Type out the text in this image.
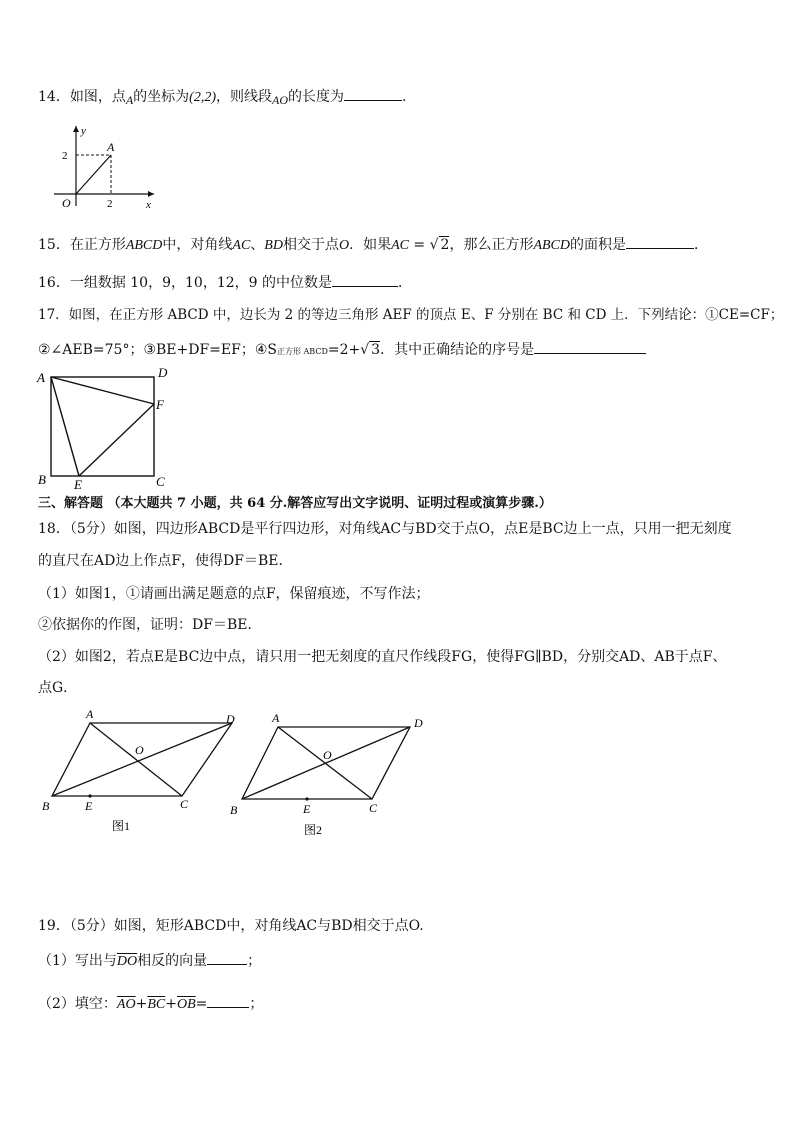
14．如图，点A的坐标为(2,2)，则线段AO的长度为	.
y
x
O
A
2
2
15．在正方形ABCD中，对角线AC、BD相交于点O．如果AC = √ 2，那么正方形ABCD的面积是	．
16．一组数据 10，9，10，12，9 的中位数是	．
17．如图，在正方形 ABCD 中，边长为 2 的等边三角形 AEF 的顶点 E、F 分别在 BC 和 CD 上．下列结论：①CE=CF；
②∠AEB=75°；③BE+DF=EF；④S正方形 ABCD=2+√ 3．其中正确结论的序号是
A	D
F
B E	C
三、解答题 （本大题共 7 小题，共 64 分.解答应写出文字说明、证明过程或演算步骤.）
18．（5分）如图，四边形ABCD是平行四边形，对角线AC与BD交于点O，点E是BC边上一点，只用一把无刻度
的直尺在AD边上作点F，使得DF＝BE．
（1）如图1，①请画出满足题意的点F，保留痕迹，不写作法；
②依据你的作图，证明：DF＝BE．
（2）如图2，若点E是BC边中点，请只用一把无刻度的直尺作线段FG，使得FG∥BD，分别交AD、AB于点F、
点G．
A	D
O
B	E	C
图1
A	D
O
B	E	C
图2
19．（5分）如图，矩形ABCD中，对角线AC与BD相交于点O.
（1）写出与$\overline{DO}$相反的向量	；
（2）填空：$\overline{AO}+\overline{BC}+\overline{OB}=$	；
